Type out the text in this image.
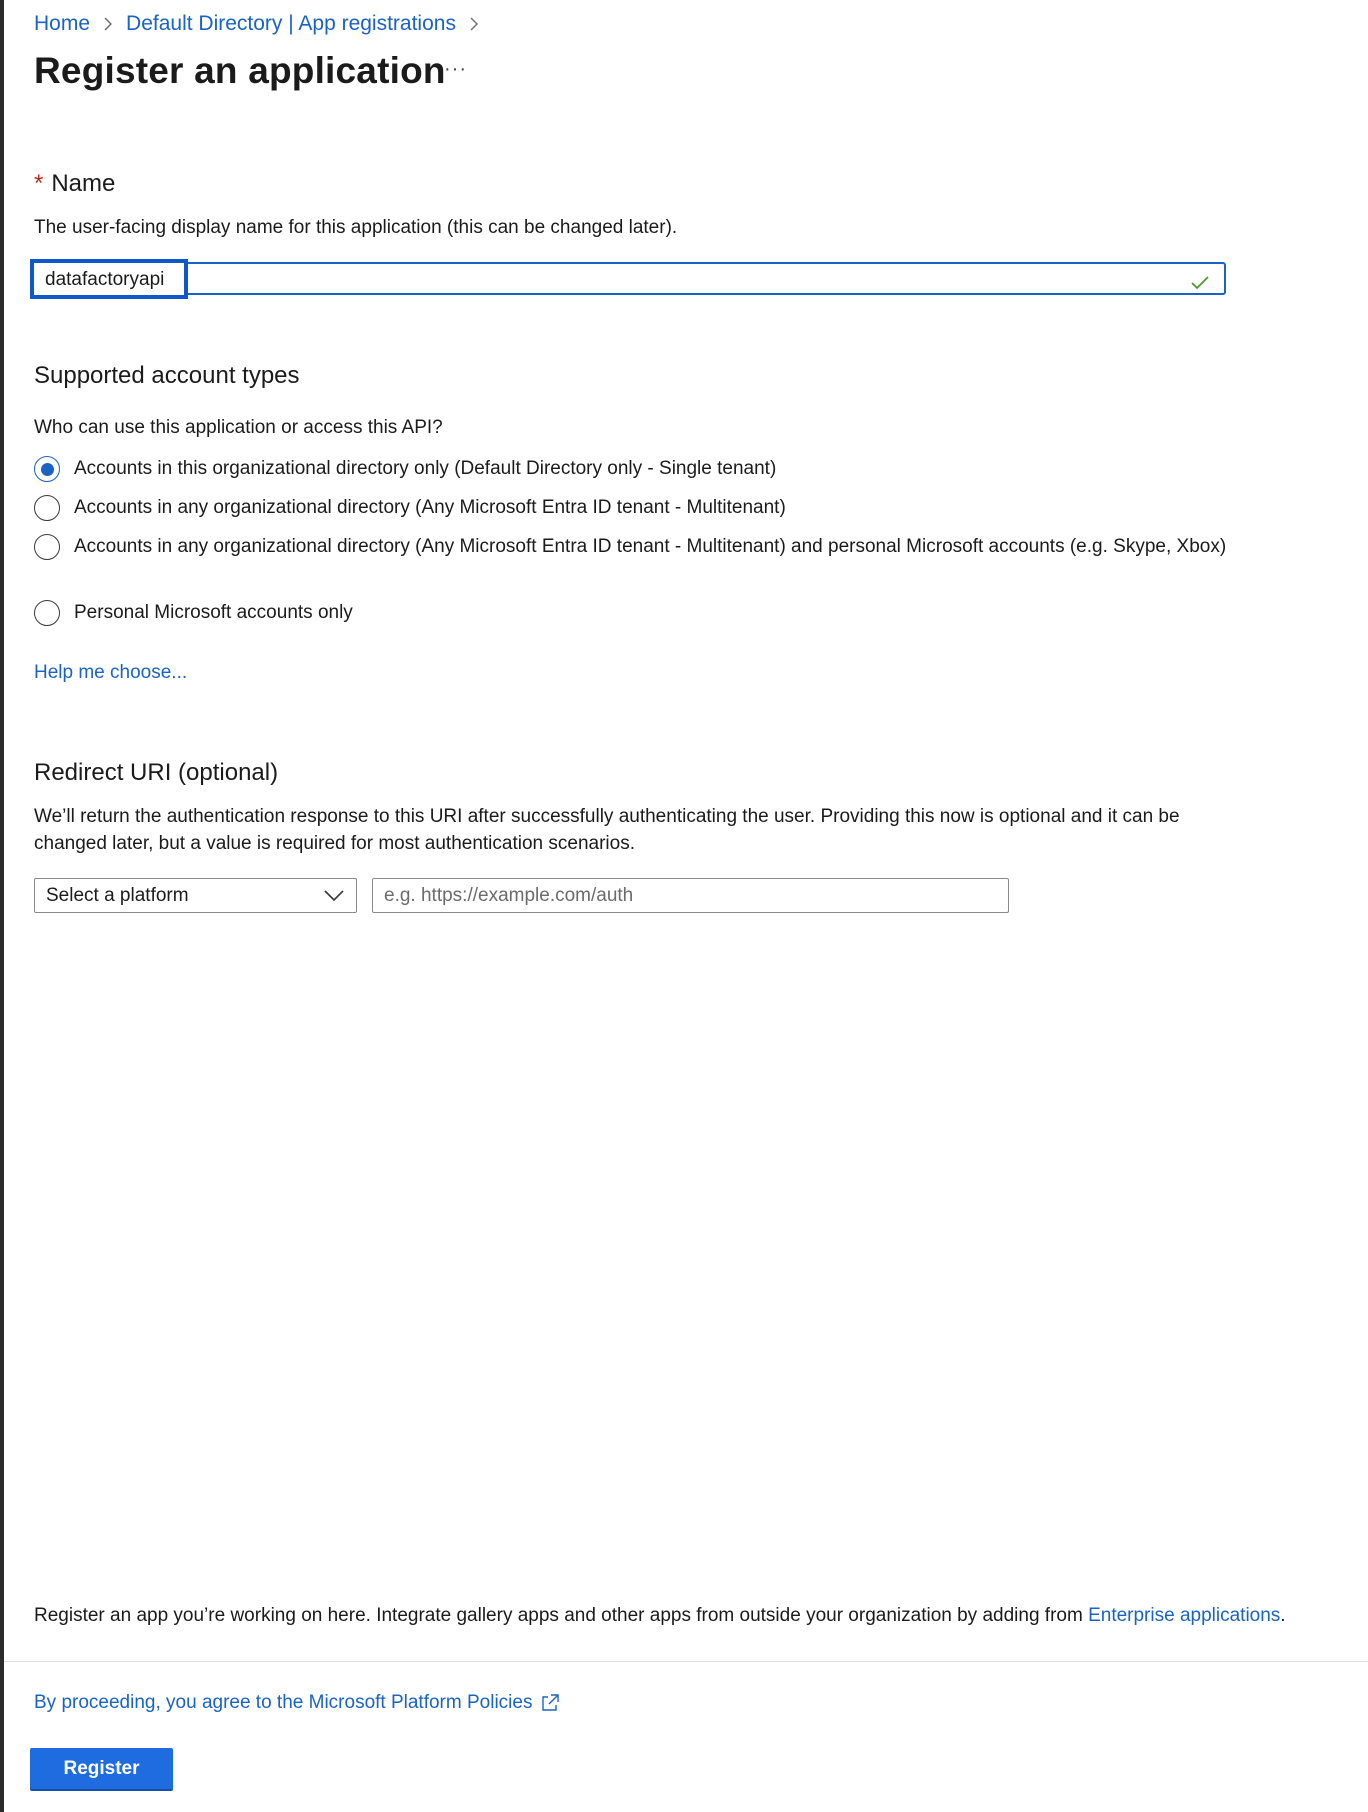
Home Default Directory | App registrations
Register an application
···
* Name
The user-facing display name for this application (this can be changed later).
datafactoryapi
Supported account types
Who can use this application or access this API?
Accounts in this organizational directory only (Default Directory only - Single tenant)
Accounts in any organizational directory (Any Microsoft Entra ID tenant - Multitenant)
Accounts in any organizational directory (Any Microsoft Entra ID tenant - Multitenant) and personal Microsoft accounts (e.g. Skype, Xbox)
Personal Microsoft accounts only
Help me choose...
Redirect URI (optional)
We’ll return the authentication response to this URI after successfully authenticating the user. Providing this now is optional and it can be changed later, but a value is required for most authentication scenarios.
Select a platform
e.g. https://example.com/auth
Register an app you’re working on here. Integrate gallery apps and other apps from outside your organization by adding from Enterprise applications.
By proceeding, you agree to the Microsoft Platform Policies
Register
